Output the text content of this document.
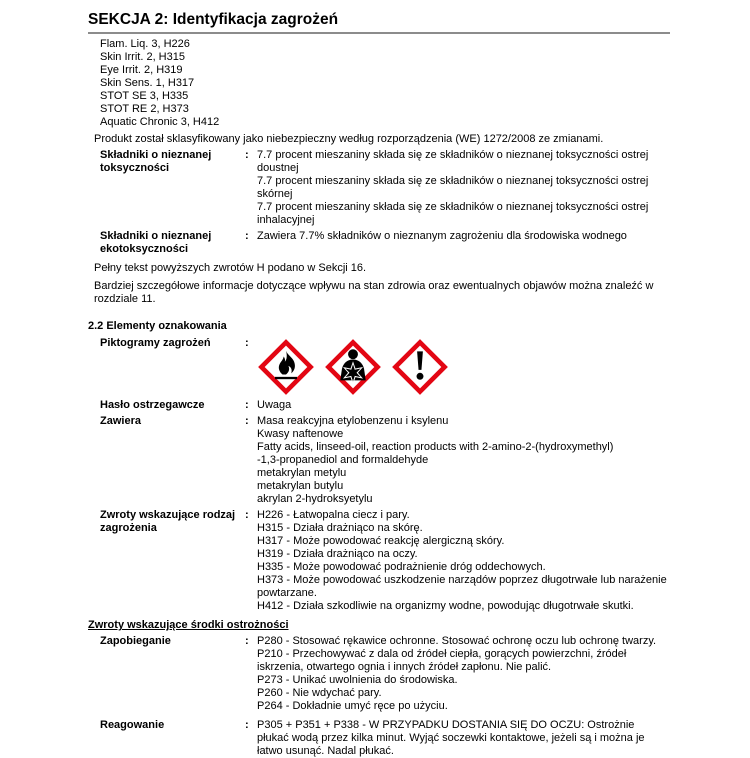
SEKCJA 2: Identyfikacja zagrożeń
Flam. Liq. 3, H226
Skin Irrit. 2, H315
Eye Irrit. 2, H319
Skin Sens. 1, H317
STOT SE 3, H335
STOT RE 2, H373
Aquatic Chronic 3, H412
Produkt został sklasyfikowany jako niebezpieczny według rozporządzenia (WE) 1272/2008 ze zmianami.
Składniki o nieznanej toksyczności
: 7.7 procent mieszaniny składa się ze składników o nieznanej toksyczności ostrej
doustnej
7.7 procent mieszaniny składa się ze składników o nieznanej toksyczności ostrej
skórnej
7.7 procent mieszaniny składa się ze składników o nieznanej toksyczności ostrej
inhalacyjnej
Składniki o nieznanej ekotoksyczności
: Zawiera 7.7% składników o nieznanym zagrożeniu dla środowiska wodnego
Pełny tekst powyższych zwrotów H podano w Sekcji 16.
Bardziej szczegółowe informacje dotyczące wpływu na stan zdrowia oraz ewentualnych objawów można znaleźć w
rozdziale 11.
2.2 Elementy oznakowania
Piktogramy zagrożeń	:
Hasło ostrzegawcze	: Uwaga
Zawiera	: Masa reakcyjna etylobenzenu i ksylenu
Kwasy naftenowe
Fatty acids, linseed-oil, reaction products with 2-amino-2-(hydroxymethyl)
-1,3-propanediol and formaldehyde
metakrylan metylu
metakrylan butylu
akrylan 2-hydroksyetylu
Zwroty wskazujące rodzaj zagrożenia
: H226 - Łatwopalna ciecz i pary.
H315 - Działa drażniąco na skórę.
H317 - Może powodować reakcję alergiczną skóry.
H319 - Działa drażniąco na oczy.
H335 - Może powodować podrażnienie dróg oddechowych.
H373 - Może powodować uszkodzenie narządów poprzez długotrwałe lub narażenie
powtarzane.
H412 - Działa szkodliwie na organizmy wodne, powodując długotrwałe skutki.
Zwroty wskazujące środki ostrożności
Zapobieganie	: P280 - Stosować rękawice ochronne. Stosować ochronę oczu lub ochronę twarzy.
P210 - Przechowywać z dala od źródeł ciepła, gorących powierzchni, źródeł
iskrzenia, otwartego ognia i innych źródeł zapłonu. Nie palić.
P273 - Unikać uwolnienia do środowiska.
P260 - Nie wdychać pary.
P264 - Dokładnie umyć ręce po użyciu.
Reagowanie	: P305 + P351 + P338 - W PRZYPADKU DOSTANIA SIĘ DO OCZU: Ostrożnie
płukać wodą przez kilka minut. Wyjąć soczewki kontaktowe, jeżeli są i można je
łatwo usunąć. Nadal płukać.
